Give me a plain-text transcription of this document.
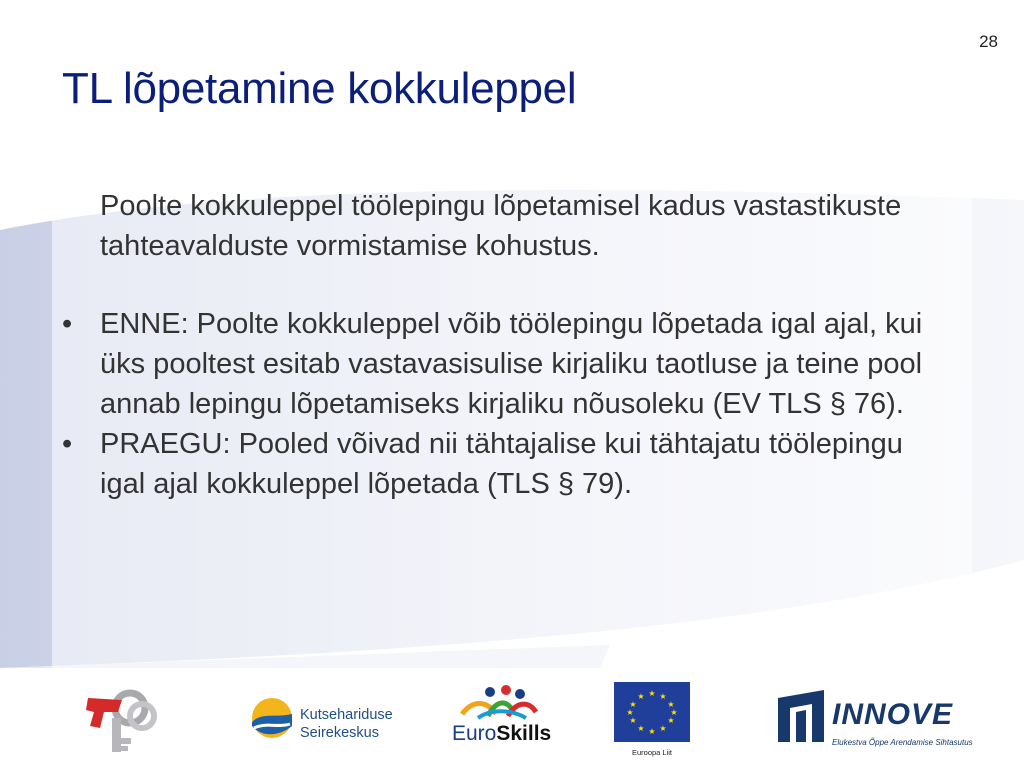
28
TL lõpetamine kokkuleppel

Poolte kokkuleppel töölepingu lõpetamisel kadus vastastikuste tahteavalduste vormistamise kohustus.

• ENNE: Poolte kokkuleppel võib töölepingu lõpetada igal ajal, kui üks pooltest esitab vastavasisulise kirjaliku taotluse ja teine pool annab lepingu lõpetamiseks kirjaliku nõusoleku (EV TLS § 76).
• PRAEGU: Pooled võivad nii tähtajalise kui tähtajatu töölepingu igal ajal kokkuleppel lõpetada (TLS § 79).
Kutsehariduse
Seirekeskus	EuroSkills
★ ★
★
★
★
★
★
★
★
★
★
★
Euroopa Liit
INNOVE
Elukestva Õppe Arendamise Sihtasutus
